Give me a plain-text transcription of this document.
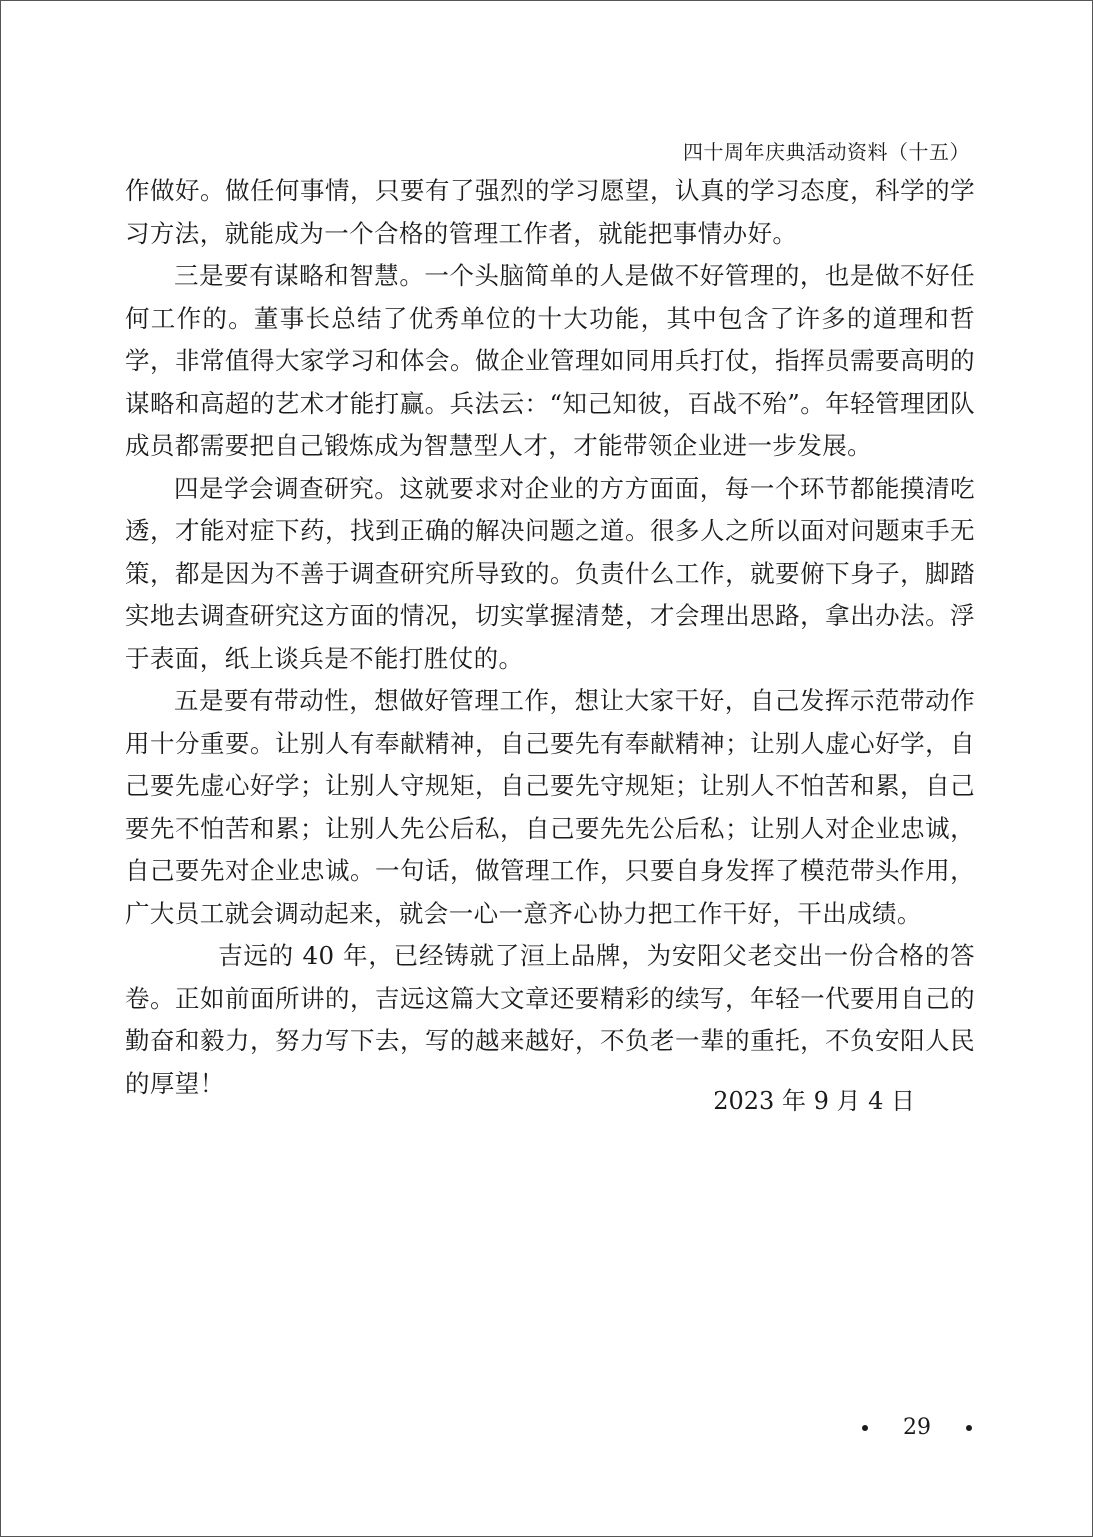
四十周年庆典活动资料（十五）

作做好。做任何事情，只要有了强烈的学习愿望，认真的学习态度，科学的学习方法，就能成为一个合格的管理工作者，就能把事情办好。

三是要有谋略和智慧。一个头脑简单的人是做不好管理的，也是做不好任何工作的。董事长总结了优秀单位的十大功能，其中包含了许多的道理和哲学，非常值得大家学习和体会。做企业管理如同用兵打仗，指挥员需要高明的谋略和高超的艺术才能打赢。兵法云：“知己知彼，百战不殆”。年轻管理团队成员都需要把自己锻炼成为智慧型人才，才能带领企业进一步发展。

四是学会调查研究。这就要求对企业的方方面面，每一个环节都能摸清吃透，才能对症下药，找到正确的解决问题之道。很多人之所以面对问题束手无策，都是因为不善于调查研究所导致的。负责什么工作，就要俯下身子，脚踏实地去调查研究这方面的情况，切实掌握清楚，才会理出思路，拿出办法。浮于表面，纸上谈兵是不能打胜仗的。

五是要有带动性，想做好管理工作，想让大家干好，自己发挥示范带动作用十分重要。让别人有奉献精神，自己要先有奉献精神；让别人虚心好学，自己要先虚心好学；让别人守规矩，自己要先守规矩；让别人不怕苦和累，自己要先不怕苦和累；让别人先公后私，自己要先先公后私；让别人对企业忠诚，自己要先对企业忠诚。一句话，做管理工作，只要自身发挥了模范带头作用，广大员工就会调动起来，就会一心一意齐心协力把工作干好，干出成绩。

吉远的 40 年，已经铸就了洹上品牌，为安阳父老交出一份合格的答卷。正如前面所讲的，吉远这篇大文章还要精彩的续写，年轻一代要用自己的勤奋和毅力，努力写下去，写的越来越好，不负老一辈的重托，不负安阳人民的厚望！

2023 年 9 月 4 日
29
